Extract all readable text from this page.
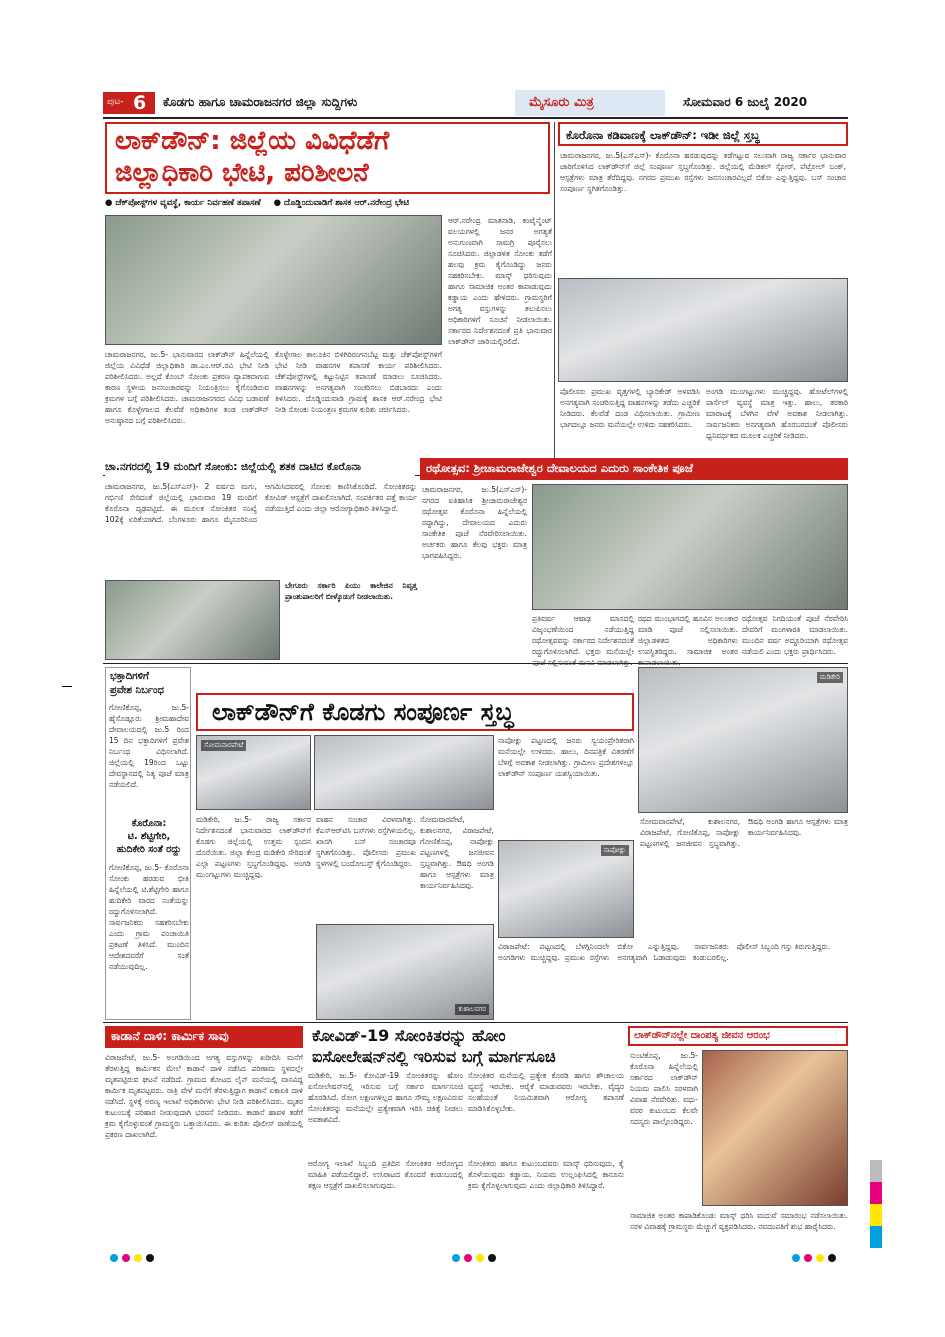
ಪುಟ- 6 ಕೊಡಗು ಹಾಗೂ ಚಾಮರಾಜನಗರ ಜಿಲ್ಲಾ ಸುದ್ದಿಗಳು	ಮೈಸೂರು ಮಿತ್ರ	ಸೋಮವಾರ 6 ಜುಲೈ 2020
ಲಾಕ್‌ಡೌನ್: ಜಿಲ್ಲೆಯ ವಿವಿಧೆಡೆಗೆ
ಜಿಲ್ಲಾಧಿಕಾರಿ ಭೇಟಿ, ಪರಿಶೀಲನೆ
● ಚೆಕ್‌ಪೋಸ್ಟ್‌ಗಳ ವ್ಯವಸ್ಥೆ, ಕಾರ್ಯ ನಿರ್ವಹಣೆ ತಪಾಸಣೆ ● ದೊಡ್ಡಿಂದುವಾಡಿಗೆ ಶಾಸಕ ಆರ್.ನರೇಂದ್ರ ಭೇಟಿ
ಚಾಮರಾಜನಗರ, ಜು.5- ಭಾನುವಾರದ ಲಾಕ್‌ಡೌನ್ ಹಿನ್ನೆಲೆಯಲ್ಲಿ ಜಿಲ್ಲೆಯ ವಿವಿಧೆಡೆ ಜಿಲ್ಲಾಧಿಕಾರಿ ಡಾ.ಎಂ.ಆರ್.ರವಿ ಭೇಟಿ ನೀಡಿ ಪರಿಶೀಲಿಸಿದರು. ಅಲ್ಲದೆ ಕೊಂಬ್ ಸೋಂಕು ಪ್ರಕರಣ ವ್ಯಾಪಕವಾಗುವ ಕಾರಣ ಸ್ಥಳೀಯ ಜನಸಂಚಾರವನ್ನು ನಿಯಂತ್ರಿಸಲು ಕೈಗೊಂಡಿರುವ ಕ್ರಮಗಳ ಬಗ್ಗೆ ಪರಿಶೀಲಿಸಿದರು. ಚಾಮರಾಜನಗರದ ವಿವಿಧ ಬಡಾವಣೆ ಹಾಗೂ ಕೊಳ್ಳೇಗಾಲದ ಕೆಲವೆಡೆ ಅಧಿಕಾರಿಗಳ ತಂಡ ಲಾಕ್‌ಡೌನ್ ಅನುಷ್ಠಾನದ ಬಗ್ಗೆ ಪರಿಶೀಲಿಸಿದರು.
ಕೊಳ್ಳೇಗಾಲ ತಾಲೂಕಿನ ಬಿಳಿಗಿರಿರಂಗನಬೆಟ್ಟ ಮತ್ತು ಚೆಕ್‌ಪೋಸ್ಟ್‌ಗಳಿಗೆ ಭೇಟಿ ನೀಡಿ ವಾಹನಗಳ ತಪಾಸಣೆ ಕಾರ್ಯ ಪರಿಶೀಲಿಸಿದರು. ಚೆಕ್‌ಪೋಸ್ಟ್‌ಗಳಲ್ಲಿ ಕಟ್ಟುನಿಟ್ಟಿನ ತಪಾಸಣೆ ಮಾಡಲು ಸೂಚಿಸಿದರು. ವಾಹನಗಳನ್ನು ಅನಗತ್ಯವಾಗಿ ಸಂಚರಿಸಲು ಬಿಡಬಾರದು ಎಂದು ತಿಳಿಸಿದರು. ದೊಡ್ಡಿಂದುವಾಡಿ ಗ್ರಾಮಕ್ಕೆ ಶಾಸಕ ಆರ್.ನರೇಂದ್ರ ಭೇಟಿ ನೀಡಿ ಸೋಂಕು ನಿಯಂತ್ರಣ ಕ್ರಮಗಳ ಕುರಿತು ಚರ್ಚಿಸಿದರು.
ಆರ್.ನರೇಂದ್ರ ಮಾತನಾಡಿ, ಕಂಟೈನ್ಮೆಂಟ್ ವಲಯಗಳಲ್ಲಿ ಜನರ ಅಗತ್ಯತೆ ಅನುಗುಣವಾಗಿ ಸಾಮಗ್ರಿ ಪೂರೈಸಲು ಸೂಚಿಸಿದರು. ಜಿಲ್ಲಾಡಳಿತ ಸೋಂಕು ತಡೆಗೆ ಹಲವು ಕ್ರಮ ಕೈಗೊಂಡಿದ್ದು ಜನರು ಸಹಕರಿಸಬೇಕು. ಮಾಸ್ಕ್ ಧರಿಸುವುದು ಹಾಗೂ ಸಾಮಾಜಿಕ ಅಂತರ ಕಾಪಾಡುವುದು ಕಡ್ಡಾಯ ಎಂದು ಹೇಳಿದರು. ಗ್ರಾಮಸ್ಥರಿಗೆ ಅಗತ್ಯ ವಸ್ತುಗಳನ್ನು ತಲುಪಿಸಲು ಅಧಿಕಾರಿಗಳಿಗೆ ಸೂಚನೆ ನೀಡಲಾಯಿತು. ಸರ್ಕಾರದ ನಿರ್ದೇಶನದಂತೆ ಪ್ರತಿ ಭಾನುವಾರ ಲಾಕ್‌ಡೌನ್ ಜಾರಿಯಲ್ಲಿರಲಿದೆ.
ಕೊರೊನಾ ಕಡಿವಾಣಕ್ಕೆ ಲಾಕ್‌ಡೌನ್: ಇಡೀ ಜಿಲ್ಲೆ ಸ್ತಬ್ಧ
ಚಾಮರಾಜನಗರ, ಜು.5(ಎಸ್‌ಎಸ್)- ಕೊರೊನಾ ಹರಡುವುದನ್ನು ತಡೆಗಟ್ಟುವ ಸಲುವಾಗಿ ರಾಜ್ಯ ಸರ್ಕಾರ ಭಾನುವಾರ ಜಾರಿಗೊಳಿಸಿದ ಲಾಕ್‌ಡೌನ್‌ಗೆ ಜಿಲ್ಲೆ ಸಂಪೂರ್ಣ ಸ್ತಬ್ಧಗೊಂಡಿತ್ತು. ಜಿಲ್ಲೆಯಲ್ಲಿ ಮೆಡಿಕಲ್ ಸ್ಟೋರ್, ಪೆಟ್ರೋಲ್ ಬಂಕ್, ಆಸ್ಪತ್ರೆಗಳು ಮಾತ್ರ ತೆರೆದಿದ್ದವು. ನಗರದ ಪ್ರಮುಖ ರಸ್ತೆಗಳು ಜನಸಂಚಾರವಿಲ್ಲದೆ ಬಿಕೋ ಎನ್ನುತ್ತಿದ್ದವು. ಬಸ್ ಸಂಚಾರ ಸಂಪೂರ್ಣ ಸ್ಥಗಿತಗೊಂಡಿತ್ತು.
ಪೊಲೀಸರು ಪ್ರಮುಖ ವೃತ್ತಗಳಲ್ಲಿ ಬ್ಯಾರಿಕೇಡ್ ಅಳವಡಿಸಿ ಅನಗತ್ಯವಾಗಿ ಸಂಚರಿಸುತ್ತಿದ್ದ ವಾಹನಗಳನ್ನು ತಡೆದು ಎಚ್ಚರಿಕೆ ನೀಡಿದರು. ಕೆಲವೆಡೆ ದಂಡ ವಿಧಿಸಲಾಯಿತು. ಗ್ರಾಮೀಣ ಭಾಗದಲ್ಲೂ ಜನರು ಮನೆಯಲ್ಲೇ ಉಳಿದು ಸಹಕರಿಸಿದರು.
ಅಂಗಡಿ ಮುಂಗಟ್ಟುಗಳು ಮುಚ್ಚಿದ್ದವು. ಹೋಟೆಲ್‌ಗಳಲ್ಲಿ ಪಾರ್ಸೆಲ್ ವ್ಯವಸ್ಥೆ ಮಾತ್ರ ಇತ್ತು. ಹಾಲು, ತರಕಾರಿ ಮಾರಾಟಕ್ಕೆ ಬೆಳಗಿನ ವೇಳೆ ಅವಕಾಶ ನೀಡಲಾಗಿತ್ತು. ಸಾರ್ವಜನಿಕರು ಅನಗತ್ಯವಾಗಿ ಹೊರಬರದಂತೆ ಪೊಲೀಸರು ಧ್ವನಿವರ್ಧಕದ ಮೂಲಕ ಎಚ್ಚರಿಕೆ ನೀಡಿದರು.
ಚಾ.ನಗರದಲ್ಲಿ 19 ಮಂದಿಗೆ ಸೋಂಕು: ಜಿಲ್ಲೆಯಲ್ಲಿ ಶತಕ ದಾಟಿದ ಕೊರೊನಾ
ಚಾಮರಾಜನಗರ, ಜು.5(ಎಸ್‌ಎಸ್)- 2 ವರ್ಷದ ಮಗು, ಗರ್ಭಿಣಿ ಸೇರಿದಂತೆ ಜಿಲ್ಲೆಯಲ್ಲಿ ಭಾನುವಾರ 19 ಮಂದಿಗೆ ಕೊರೊನಾ ದೃಢಪಟ್ಟಿದೆ. ಈ ಮೂಲಕ ಸೋಂಕಿತರ ಸಂಖ್ಯೆ 102ಕ್ಕೆ ಏರಿಕೆಯಾಗಿದೆ. ಬೆಂಗಳೂರು ಹಾಗೂ ಮೈಸೂರಿನಿಂದ ಆಗಮಿಸಿದವರಲ್ಲಿ ಸೋಂಕು ಕಾಣಿಸಿಕೊಂಡಿದೆ. ಸೋಂಕಿತರನ್ನು ಕೋವಿಡ್ ಆಸ್ಪತ್ರೆಗೆ ದಾಖಲಿಸಲಾಗಿದೆ. ಸಂಪರ್ಕಿತರ ಪತ್ತೆ ಕಾರ್ಯ ನಡೆಯುತ್ತಿದೆ ಎಂದು ಜಿಲ್ಲಾ ಆರೋಗ್ಯಾಧಿಕಾರಿ ತಿಳಿಸಿದ್ದಾರೆ.
ಬೇಗೂರು ಸರ್ಕಾರಿ ಪಿಯು ಕಾಲೇಜಿನ ನಿವೃತ್ತ ಪ್ರಾಂಶುಪಾಲರಿಗೆ ಬೀಳ್ಕೊಡುಗೆ ನೀಡಲಾಯಿತು.
ರಥೋತ್ಸವ: ಶ್ರೀಚಾಮರಾಜೇಶ್ವರ ದೇವಾಲಯದ ಎದುರು ಸಾಂಕೇತಿಕ ಪೂಜೆ
ಚಾಮರಾಜನಗರ, ಜು.5(ಎಸ್‌ಎಸ್)- ನಗರದ ಐತಿಹಾಸಿಕ ಶ್ರೀಚಾಮರಾಜೇಶ್ವರ ರಥೋತ್ಸವ ಕೊರೊನಾ ಹಿನ್ನೆಲೆಯಲ್ಲಿ ರದ್ದಾಗಿದ್ದು, ದೇವಾಲಯದ ಎದುರು ಸಾಂಕೇತಿಕ ಪೂಜೆ ನೆರವೇರಿಸಲಾಯಿತು. ಅರ್ಚಕರು ಹಾಗೂ ಕೆಲವು ಭಕ್ತರು ಮಾತ್ರ ಭಾಗವಹಿಸಿದ್ದರು.
ಪ್ರತಿವರ್ಷ ಆಷಾಢ ಮಾಸದಲ್ಲಿ ವಿಜೃಂಭಣೆಯಿಂದ ನಡೆಯುತ್ತಿದ್ದ ರಥೋತ್ಸವವನ್ನು ಸರ್ಕಾರದ ನಿರ್ದೇಶನದಂತೆ ರದ್ದುಗೊಳಿಸಲಾಗಿದೆ. ಭಕ್ತರು ಮನೆಯಲ್ಲೇ
ರಥದ ಮುಂಭಾಗದಲ್ಲಿ ಹೂವಿನ ಅಲಂಕಾರ ಮಾಡಿ ಪೂಜೆ ಸಲ್ಲಿಸಲಾಯಿತು. ಜಿಲ್ಲಾಡಳಿತದ ಅಧಿಕಾರಿಗಳು ಉಪಸ್ಥಿತರಿದ್ದರು. ಸಾಮಾಜಿಕ ಅಂತರ
ರಥೋತ್ಸವ ನಿಗದಿಯಂತೆ ಪೂಜೆ ನೆರವೇರಿಸಿ ದೇವರಿಗೆ ಮಂಗಳಾರತಿ ಮಾಡಲಾಯಿತು. ಮುಂದಿನ ವರ್ಷ ಅದ್ದೂರಿಯಾಗಿ ರಥೋತ್ಸವ ನಡೆಯಲಿ ಎಂದು ಭಕ್ತರು ಪ್ರಾರ್ಥಿಸಿದರು.
ಭಕ್ತಾದಿಗಳಿಗೆ
ಪ್ರವೇಶ ನಿರ್ಬಂಧ
ಗೋಣಿಕೊಪ್ಪ, ಜು.5- ಹೈಸೊಡ್ಲೂರು ಶ್ರೀಮಹಾದೇವ ದೇವಾಲಯದಲ್ಲಿ ಜು.5 ರಿಂದ 15 ದಿನ ಭಕ್ತಾದಿಗಳಿಗೆ ಪ್ರವೇಶ ನಿರ್ಬಂಧ ವಿಧಿಸಲಾಗಿದೆ. ಜಿಲ್ಲೆಯಲ್ಲಿ 19ರಿಂದ ಒಟ್ಟು ದೇವಸ್ಥಾನದಲ್ಲಿ ನಿತ್ಯ ಪೂಜೆ ಮಾತ್ರ ನಡೆಯಲಿದೆ.
ಕೊರೊನಾ:
ಟಿ. ಶೆಟ್ಟಿಗೇರಿ,
ಹುದಿಕೇರಿ ಸಂತೆ ರದ್ದು
ಗೋಣಿಕೊಪ್ಪ, ಜು.5- ಕೊರೊನಾ ಸೋಂಕು ಹರಡುವ ಭೀತಿ ಹಿನ್ನೆಲೆಯಲ್ಲಿ ಟಿ.ಶೆಟ್ಟಿಗೇರಿ ಹಾಗೂ ಹುದಿಕೇರಿ ವಾರದ ಸಂತೆಯನ್ನು ರದ್ದುಗೊಳಿಸಲಾಗಿದೆ. ಸಾರ್ವಜನಿಕರು ಸಹಕರಿಸಬೇಕು ಎಂದು ಗ್ರಾಮ ಪಂಚಾಯಿತಿ ಪ್ರಕಟಣೆ ತಿಳಿಸಿದೆ. ಮುಂದಿನ ಆದೇಶದವರೆಗೆ ಸಂತೆ ನಡೆಯುವುದಿಲ್ಲ.
ಲಾಕ್‌ಡೌನ್‌ಗೆ ಕೊಡಗು ಸಂಪೂರ್ಣ ಸ್ತಬ್ಧ
ಮಡಿಕೇರಿ
ಸೋಮವಾರಪೇಟೆ
ಮಡಿಕೇರಿ, ಜು.5- ರಾಜ್ಯ ಸರ್ಕಾರ ನಿರ್ದೇಶನದಂತೆ ಭಾನುವಾರದ ಲಾಕ್‌ಡೌನ್‌ಗೆ ಕೊಡಗು ಜಿಲ್ಲೆಯಲ್ಲಿ ಉತ್ತಮ ಸ್ಪಂದನ ದೊರೆಯಿತು. ಜಿಲ್ಲಾ ಕೇಂದ್ರ ಮಡಿಕೇರಿ ಸೇರಿದಂತೆ ಎಲ್ಲಾ ಪಟ್ಟಣಗಳು ಸ್ತಬ್ಧಗೊಂಡಿದ್ದವು. ಅಂಗಡಿ ಮುಂಗಟ್ಟುಗಳು ಮುಚ್ಚಿದ್ದವು.
ವಾಹನ ಸಂಚಾರ ವಿರಳವಾಗಿತ್ತು. ಕೆಎಸ್‌ಆರ್‌ಟಿಸಿ ಬಸ್‌ಗಳು ರಸ್ತೆಗಿಳಿಯಲಿಲ್ಲ. ಖಾಸಗಿ ಬಸ್ ಸಂಚಾರವೂ ಸ್ಥಗಿತಗೊಂಡಿತ್ತು. ಪೊಲೀಸರು ಪ್ರಮುಖ ಸ್ಥಳಗಳಲ್ಲಿ ಬಂದೋಬಸ್ತ್ ಕೈಗೊಂಡಿದ್ದರು.
ಕುಶಾಲನಗರ
ಸೋಮವಾರಪೇಟೆ, ಕುಶಾಲನಗರ, ವಿರಾಜಪೇಟೆ, ಗೋಣಿಕೊಪ್ಪ, ನಾಪೋಕ್ಲು ಪಟ್ಟಣಗಳಲ್ಲಿ ಜನಜೀವನ ಸ್ತಬ್ಧವಾಗಿತ್ತು. ಔಷಧಿ ಅಂಗಡಿ ಹಾಗೂ ಆಸ್ಪತ್ರೆಗಳು ಮಾತ್ರ ಕಾರ್ಯನಿರ್ವಹಿಸಿದವು.
ನಾಪೋಕ್ಲು ಪಟ್ಟಣದಲ್ಲಿ ಜನರು ಸ್ವಯಂಪ್ರೇರಿತರಾಗಿ ಮನೆಯಲ್ಲೇ ಉಳಿದರು. ಹಾಲು, ದಿನಪತ್ರಿಕೆ ವಿತರಣೆಗೆ ಬೆಳಗ್ಗೆ ಅವಕಾಶ ನೀಡಲಾಗಿತ್ತು. ಗ್ರಾಮೀಣ ಪ್ರದೇಶಗಳಲ್ಲೂ ಲಾಕ್‌ಡೌನ್ ಸಂಪೂರ್ಣ ಯಶಸ್ವಿಯಾಯಿತು.
ನಾಪೋಕ್ಲು
ವಿರಾಜಪೇಟೆ: ಪಟ್ಟಣದಲ್ಲಿ ಬೆಳಗ್ಗಿನಿಂದಲೇ ಅಂಗಡಿಗಳು ಮುಚ್ಚಿದ್ದವು. ಪ್ರಮುಖ ರಸ್ತೆಗಳು ಬಿಕೋ ಎನ್ನುತ್ತಿದ್ದವು. ಸಾರ್ವಜನಿಕರು ಅನಗತ್ಯವಾಗಿ ಓಡಾಡುವುದು ಕಂಡುಬರಲಿಲ್ಲ. ಪೊಲೀಸ್ ಸಿಬ್ಬಂದಿ ಗಸ್ತು ತಿರುಗುತ್ತಿದ್ದರು.
ಸೋಮವಾರಪೇಟೆ, ಕುಶಾಲನಗರ, ವಿರಾಜಪೇಟೆ, ಗೋಣಿಕೊಪ್ಪ, ನಾಪೋಕ್ಲು ಪಟ್ಟಣಗಳಲ್ಲಿ ಜನಜೀವನ ಸ್ತಬ್ಧವಾಗಿತ್ತು. ಔಷಧಿ ಅಂಗಡಿ ಹಾಗೂ ಆಸ್ಪತ್ರೆಗಳು ಮಾತ್ರ ಕಾರ್ಯನಿರ್ವಹಿಸಿದವು.
ಕಾಡಾನೆ ದಾಳಿ: ಕಾರ್ಮಿಕ ಸಾವು
ವಿರಾಜಪೇಟೆ, ಜು.5- ಅಂಗಡಿಯಿಂದ ಅಗತ್ಯ ವಸ್ತುಗಳನ್ನು ಖರೀದಿಸಿ ಮನೆಗೆ ತೆರಳುತ್ತಿದ್ದ ಕಾರ್ಮಿಕನ ಮೇಲೆ ಕಾಡಾನೆ ದಾಳಿ ನಡೆಸಿದ ಪರಿಣಾಮ ಸ್ಥಳದಲ್ಲೇ ಮೃತಪಟ್ಟಿರುವ ಘಟನೆ ನಡೆದಿದೆ. ಗ್ರಾಮದ ತೋಟದ ಲೈನ್ ಮನೆಯಲ್ಲಿ ವಾಸವಿದ್ದ ಕಾರ್ಮಿಕ ಮೃತಪಟ್ಟವರು. ರಾತ್ರಿ ವೇಳೆ ಮನೆಗೆ ತೆರಳುತ್ತಿದ್ದಾಗ ಕಾಡಾನೆ ಏಕಾಏಕಿ ದಾಳಿ ನಡೆಸಿದೆ. ಸ್ಥಳಕ್ಕೆ ಅರಣ್ಯ ಇಲಾಖೆ ಅಧಿಕಾರಿಗಳು ಭೇಟಿ ನೀಡಿ ಪರಿಶೀಲಿಸಿದರು. ಮೃತರ ಕುಟುಂಬಕ್ಕೆ ಪರಿಹಾರ ನೀಡುವುದಾಗಿ ಭರವಸೆ ನೀಡಿದರು. ಕಾಡಾನೆ ಹಾವಳಿ ತಡೆಗೆ ಕ್ರಮ ಕೈಗೊಳ್ಳುವಂತೆ ಗ್ರಾಮಸ್ಥರು ಒತ್ತಾಯಿಸಿದರು. ಈ ಕುರಿತು ಪೊಲೀಸ್ ಠಾಣೆಯಲ್ಲಿ ಪ್ರಕರಣ ದಾಖಲಾಗಿದೆ.
ಕೋವಿಡ್-19 ಸೋಂಕಿತರನ್ನು ಹೋಂ
ಐಸೋಲೇಷನ್‌ನಲ್ಲಿ ಇರಿಸುವ ಬಗ್ಗೆ ಮಾರ್ಗಸೂಚಿ
ಮಡಿಕೇರಿ, ಜು.5- ಕೋವಿಡ್-19 ಸೋಂಕಿತರನ್ನು ಹೋಂ ಐಸೋಲೇಷನ್‌ನಲ್ಲಿ ಇರಿಸುವ ಬಗ್ಗೆ ಸರ್ಕಾರ ಮಾರ್ಗಸೂಚಿ ಹೊರಡಿಸಿದೆ. ರೋಗ ಲಕ್ಷಣಗಳಿಲ್ಲದ ಹಾಗೂ ಸೌಮ್ಯ ಲಕ್ಷಣವಿರುವ ಸೋಂಕಿತರನ್ನು ಮನೆಯಲ್ಲೇ ಪ್ರತ್ಯೇಕವಾಗಿ ಇರಿಸಿ ಚಿಕಿತ್ಸೆ ನೀಡಲು ಅವಕಾಶವಿದೆ.
ಸೋಂಕಿತರ ಮನೆಯಲ್ಲಿ ಪ್ರತ್ಯೇಕ ಕೊಠಡಿ ಹಾಗೂ ಶೌಚಾಲಯ ವ್ಯವಸ್ಥೆ ಇರಬೇಕು. ಆರೈಕೆ ಮಾಡುವವರು ಇರಬೇಕು. ವೈದ್ಯರ ಸಲಹೆಯಂತೆ ನಿಯಮಿತವಾಗಿ ಆರೋಗ್ಯ ತಪಾಸಣೆ ಮಾಡಿಸಿಕೊಳ್ಳಬೇಕು.
ಆರೋಗ್ಯ ಇಲಾಖೆ ಸಿಬ್ಬಂದಿ ಪ್ರತಿದಿನ ಸೋಂಕಿತರ ಆರೋಗ್ಯದ ಮಾಹಿತಿ ಪಡೆಯಲಿದ್ದಾರೆ. ಉಸಿರಾಟದ ತೊಂದರೆ ಕಂಡುಬಂದಲ್ಲಿ ತಕ್ಷಣ ಆಸ್ಪತ್ರೆಗೆ ದಾಖಲಿಸಲಾಗುವುದು.
ಸೋಂಕಿತರು ಹಾಗೂ ಕುಟುಂಬದವರು ಮಾಸ್ಕ್ ಧರಿಸುವುದು, ಕೈ ತೊಳೆಯುವುದು ಕಡ್ಡಾಯ. ನಿಯಮ ಉಲ್ಲಂಘಿಸಿದಲ್ಲಿ ಕಾನೂನು ಕ್ರಮ ಕೈಗೊಳ್ಳಲಾಗುವುದು ಎಂದು ಜಿಲ್ಲಾಧಿಕಾರಿ ತಿಳಿಸಿದ್ದಾರೆ.
ಲಾಕ್‌ಡೌನ್‌ನಲ್ಲೇ ದಾಂಪತ್ಯ ಜೀವನ ಆರಂಭ
ಸುಂಟಿಕೊಪ್ಪ, ಜು.5- ಕೊರೊನಾ ಹಿನ್ನೆಲೆಯಲ್ಲಿ ಸರ್ಕಾರದ ಲಾಕ್‌ಡೌನ್ ನಿಯಮ ಪಾಲಿಸಿ ಸರಳವಾಗಿ ವಿವಾಹ ನೆರವೇರಿತು. ವಧು-ವರರ ಕುಟುಂಬದ ಕೆಲವೇ ಸದಸ್ಯರು ಪಾಲ್ಗೊಂಡಿದ್ದರು.
ಸಾಮಾಜಿಕ ಅಂತರ ಕಾಪಾಡಿಕೊಂಡು ಮಾಸ್ಕ್ ಧರಿಸಿ ಮದುವೆ ಸಮಾರಂಭ ನಡೆಸಲಾಯಿತು. ಸರಳ ವಿವಾಹಕ್ಕೆ ಗ್ರಾಮಸ್ಥರು ಮೆಚ್ಚುಗೆ ವ್ಯಕ್ತಪಡಿಸಿದರು. ನವದಂಪತಿಗೆ ಶುಭ ಹಾರೈಸಿದರು.
